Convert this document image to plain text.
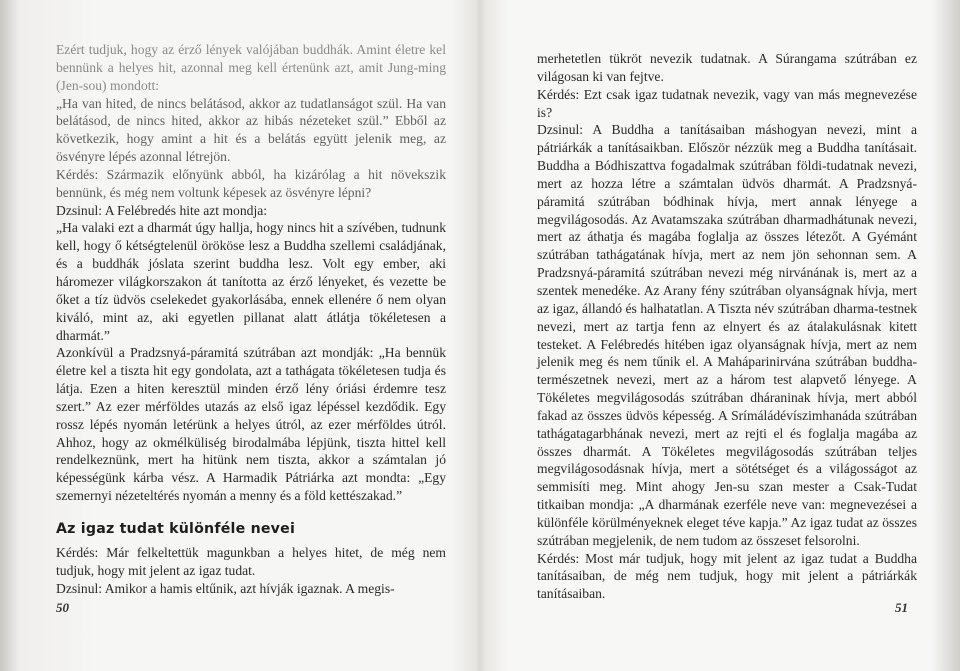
Ezért tudjuk, hogy az érző lények valójában buddhák. Amint életre kel bennünk a helyes hit, azonnal meg kell értenünk azt, amit Jung-ming (Jen-sou) mondott:

„Ha van hited, de nincs belátásod, akkor az tudatlanságot szül. Ha van belátásod, de nincs hited, akkor az hibás nézeteket szül.” Ebből az következik, hogy amint a hit és a belátás együtt jelenik meg, az ösvényre lépés azonnal létrejön.

Kérdés: Származik előnyünk abból, ha kizárólag a hit növekszik bennünk, és még nem voltunk képesek az ösvényre lépni?

Dzsinul: A Felébredés hite azt mondja:

„Ha valaki ezt a dharmát úgy hallja, hogy nincs hit a szívében, tudnunk kell, hogy ő kétségtelenül örököse lesz a Buddha szellemi családjának, és a buddhák jóslata szerint buddha lesz. Volt egy ember, aki háromezer világkorszakon át tanította az érző lényeket, és vezette be őket a tíz üdvös cselekedet gyakorlásába, ennek ellenére ő nem olyan kiváló, mint az, aki egyetlen pillanat alatt átlátja tökéletesen a dharmát.”

Azonkívül a Pradzsnyá-páramitá szútrában azt mondják: „Ha bennük életre kel a tiszta hit egy gondolata, azt a tathágata tökéletesen tudja és látja. Ezen a hiten keresztül minden érző lény óriási érdemre tesz szert.” Az ezer mérföldes utazás az első igaz lépéssel kezdődik. Egy rossz lépés nyomán letérünk a helyes útról, az ezer mérföldes útról. Ahhoz, hogy az okmélküliség birodalmába lépjünk, tiszta hittel kell rendelkeznünk, mert ha hitünk nem tiszta, akkor a számtalan jó képességünk kárba vész. A Harmadik Pátriárka azt mondta: „Egy szemernyi nézeteltérés nyomán a menny és a föld kettészakad.”

Az igaz tudat különféle nevei

Kérdés: Már felkeltettük magunkban a helyes hitet, de még nem tudjuk, hogy mit jelent az igaz tudat.

Dzsinul: Amikor a hamis eltűnik, azt hívják igaznak. A megis-

50

merhetetlen tükröt nevezik tudatnak. A Súrangama szútrában ez világosan ki van fejtve.

Kérdés: Ezt csak igaz tudatnak nevezik, vagy van más megnevezése is?

Dzsinul: A Buddha a tanításaiban máshogyan nevezi, mint a pátriárkák a tanításaikban. Először nézzük meg a Buddha tanításait. Buddha a Bódhiszattva fogadalmak szútrában földi-tudatnak nevezi, mert az hozza létre a számtalan üdvös dharmát. A Pradzsnyá-páramitá szútrában bódhinak hívja, mert annak lényege a megvilágosodás. Az Avatamszaka szútrában dharmadhátunak nevezi, mert az áthatja és magába foglalja az összes létezőt. A Gyémánt szútrában tathágatának hívja, mert az nem jön sehonnan sem. A Pradzsnyá-páramitá szútrában nevezi még nirvánának is, mert az a szentek menedéke. Az Arany fény szútrában olyanságnak hívja, mert az igaz, állandó és halhatatlan. A Tiszta név szútrában dharma-testnek nevezi, mert az tartja fenn az elnyert és az átalakulásnak kitett testeket. A Felébredés hitében igaz olyanságnak hívja, mert az nem jelenik meg és nem tűnik el. A Maháparinirvána szútrában buddha-természetnek nevezi, mert az a három test alapvető lényege. A Tökéletes megvilágosodás szútrában dháraninak hívja, mert abból fakad az összes üdvös képesség. A Srímáládévíszimhanáda szútrában tathágatagarbhának nevezi, mert az rejti el és foglalja magába az összes dharmát. A Tökéletes megvilágosodás szútrában teljes megvilágosodásnak hívja, mert a sötétséget és a világosságot az semmisíti meg. Mint ahogy Jen-su szan mester a Csak-Tudat titkaiban mondja: „A dharmának ezerféle neve van: megnevezései a különféle körülményeknek eleget téve kapja.” Az igaz tudat az összes szútrában megjelenik, de nem tudom az összeset felsorolni.

Kérdés: Most már tudjuk, hogy mit jelent az igaz tudat a Buddha tanításaiban, de még nem tudjuk, hogy mit jelent a pátriárkák tanításaiban.

51
